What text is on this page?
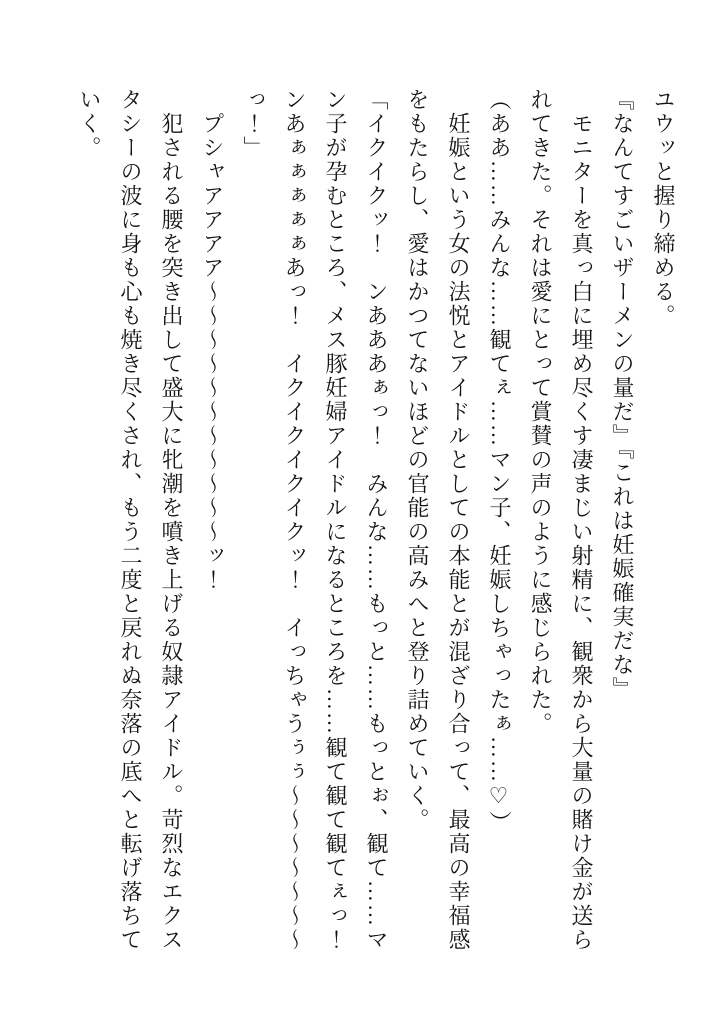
ユウッと握り締める。

『なんてすごいザーメンの量だ』『これは妊娠確実だな』

　モニターを真っ白に埋め尽くす凄まじい射精に、観衆から大量の賭け金が送ら

れてきた。それは愛にとって賞賛の声のように感じられた。

（ああ……みんな……観てぇ……マン子、妊娠しちゃったぁ……♡）

　妊娠という女の法悦とアイドルとしての本能とが混ざり合って、最高の幸福感

をもたらし、愛はかつてないほどの官能の高みへと登り詰めていく。

「イクイクッ！　ンあああぁっ！　みんな……もっと……もっとぉ、観て……マ

ン子が孕むところ、メス豚妊婦アイドルになるところを……観て観て観てぇっ！

ンあぁぁぁぁぁあっ！　イクイクイクイクッ！　イっちゃうぅぅ～～～～～～～

っ！」

　プシャアアアア～～～～～～～～～～～ッ！

　犯される腰を突き出して盛大に牝潮を噴き上げる奴隷アイドル。苛烈なエクス

タシーの波に身も心も焼き尽くされ、もう二度と戻れぬ奈落の底へと転げ落ちて

いく。
